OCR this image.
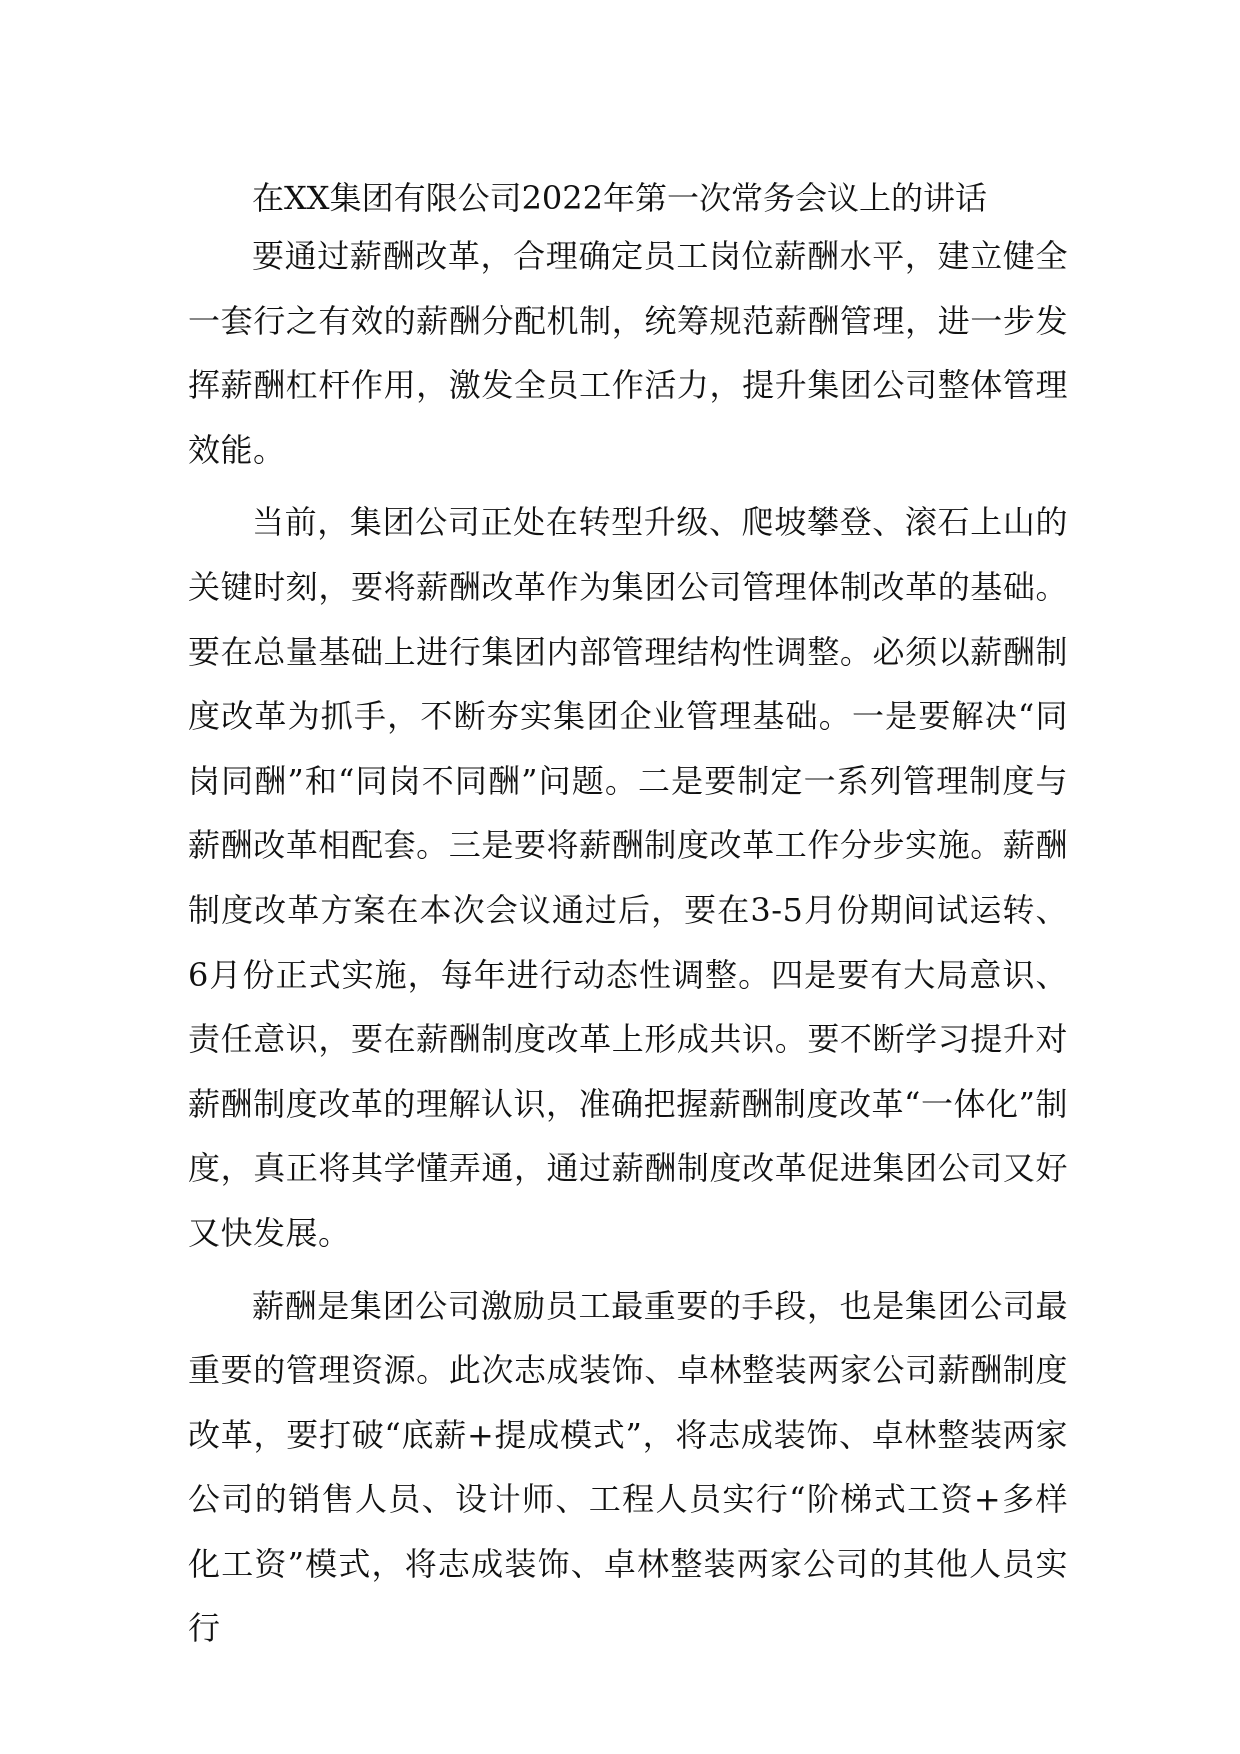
在XX集团有限公司2022年第一次常务会议上的讲话

要通过薪酬改革，合理确定员工岗位薪酬水平，建立健全一套行之有效的薪酬分配机制，统筹规范薪酬管理，进一步发挥薪酬杠杆作用，激发全员工作活力，提升集团公司整体管理效能。

当前，集团公司正处在转型升级、爬坡攀登、滚石上山的关键时刻，要将薪酬改革作为集团公司管理体制改革的基础。要在总量基础上进行集团内部管理结构性调整。必须以薪酬制度改革为抓手，不断夯实集团企业管理基础。一是要解决“同岗同酬”和“同岗不同酬”问题。二是要制定一系列管理制度与薪酬改革相配套。三是要将薪酬制度改革工作分步实施。薪酬制度改革方案在本次会议通过后，要在3-5月份期间试运转、6月份正式实施，每年进行动态性调整。四是要有大局意识、责任意识，要在薪酬制度改革上形成共识。要不断学习提升对薪酬制度改革的理解认识，准确把握薪酬制度改革“一体化”制度，真正将其学懂弄通，通过薪酬制度改革促进集团公司又好又快发展。

薪酬是集团公司激励员工最重要的手段，也是集团公司最重要的管理资源。此次志成装饰、卓林整装两家公司薪酬制度改革，要打破“底薪+提成模式”，将志成装饰、卓林整装两家公司的销售人员、设计师、工程人员实行“阶梯式工资+多样化工资”模式，将志成装饰、卓林整装两家公司的其他人员实行
